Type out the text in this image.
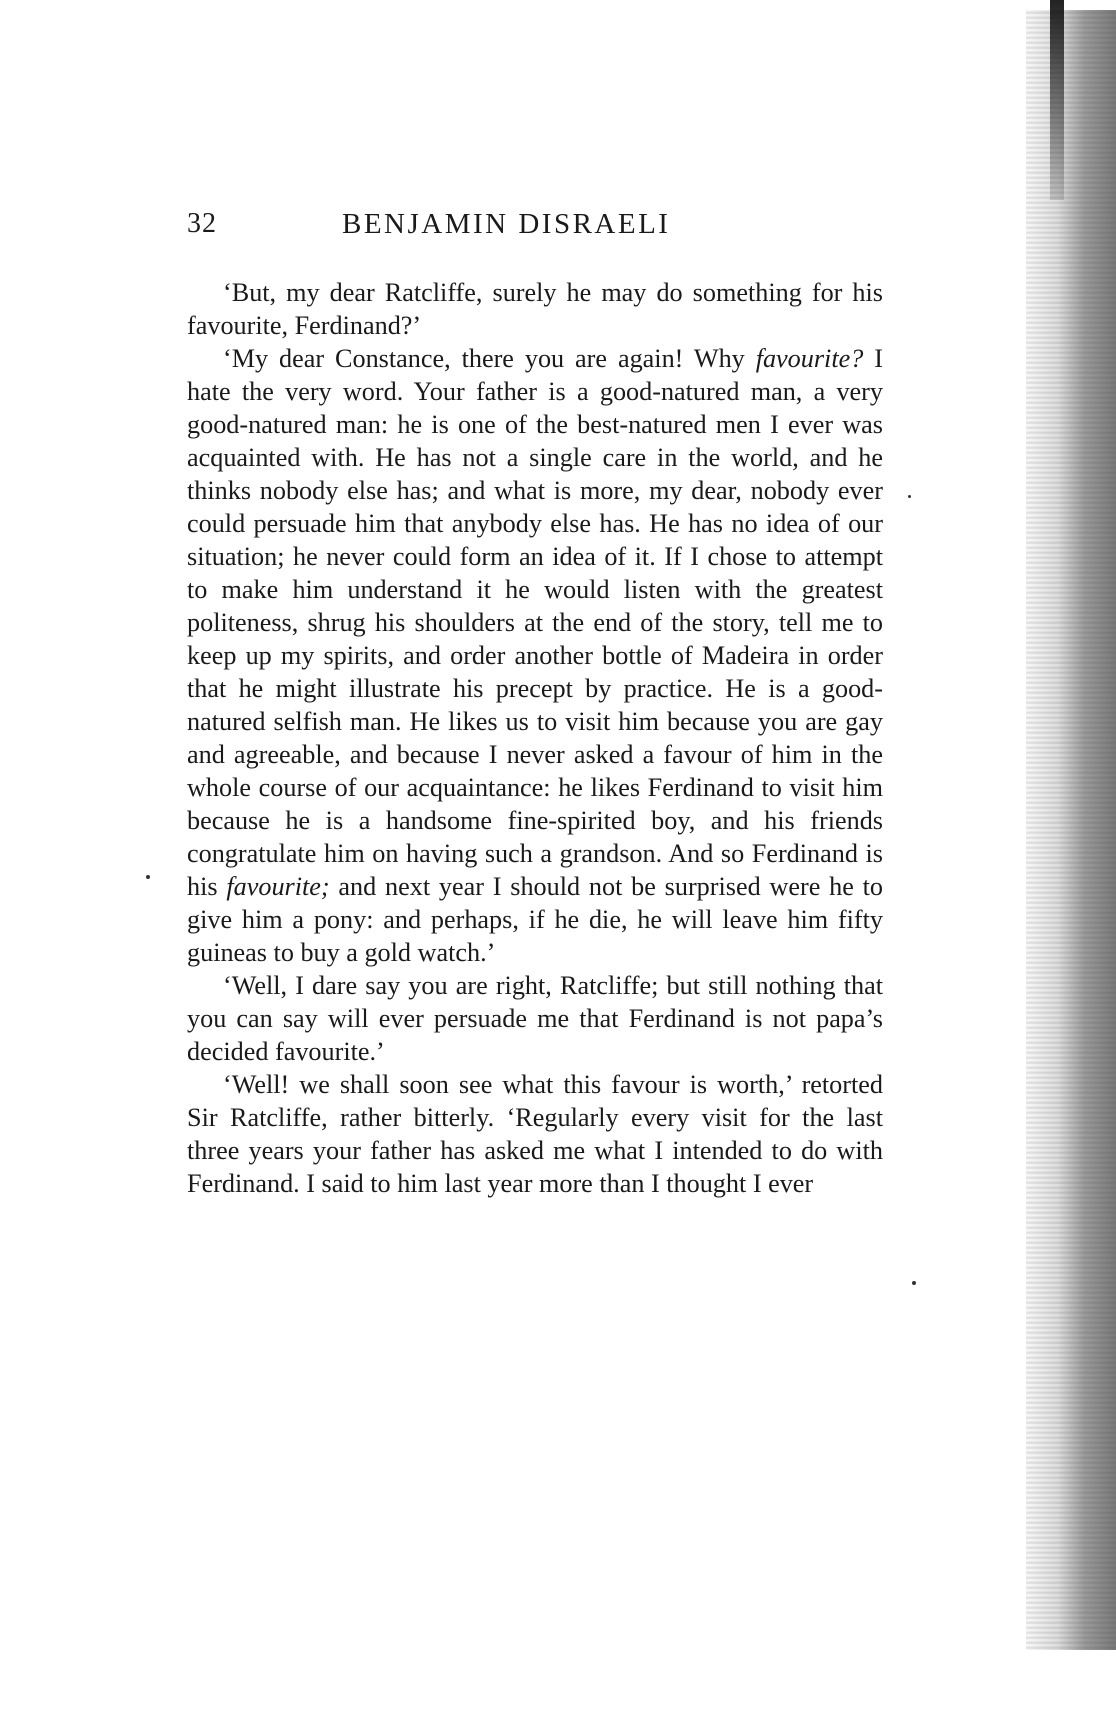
32	BENJAMIN DISRAELI

‘But, my dear Ratcliffe, surely he may do something for his favourite, Ferdinand?’

‘My dear Constance, there you are again! Why favourite? I hate the very word. Your father is a good-natured man, a very good-natured man: he is one of the best-natured men I ever was acquainted with. He has not a single care in the world, and he thinks nobody else has; and what is more, my dear, nobody ever could persuade him that anybody else has. He has no idea of our situation; he never could form an idea of it. If I chose to attempt to make him understand it he would listen with the greatest politeness, shrug his shoulders at the end of the story, tell me to keep up my spirits, and order another bottle of Madeira in order that he might illustrate his precept by practice. He is a good-natured selfish man. He likes us to visit him because you are gay and agreeable, and because I never asked a favour of him in the whole course of our acquaintance: he likes Ferdinand to visit him because he is a handsome fine-spirited boy, and his friends congratulate him on having such a grandson. And so Ferdinand is his favourite; and next year I should not be surprised were he to give him a pony: and perhaps, if he die, he will leave him fifty guineas to buy a gold watch.’

‘Well, I dare say you are right, Ratcliffe; but still nothing that you can say will ever persuade me that Ferdinand is not papa’s decided favourite.’

‘Well! we shall soon see what this favour is worth,’ retorted Sir Ratcliffe, rather bitterly. ‘Regularly every visit for the last three years your father has asked me what I intended to do with Ferdinand. I said to him last year more than I thought I ever
